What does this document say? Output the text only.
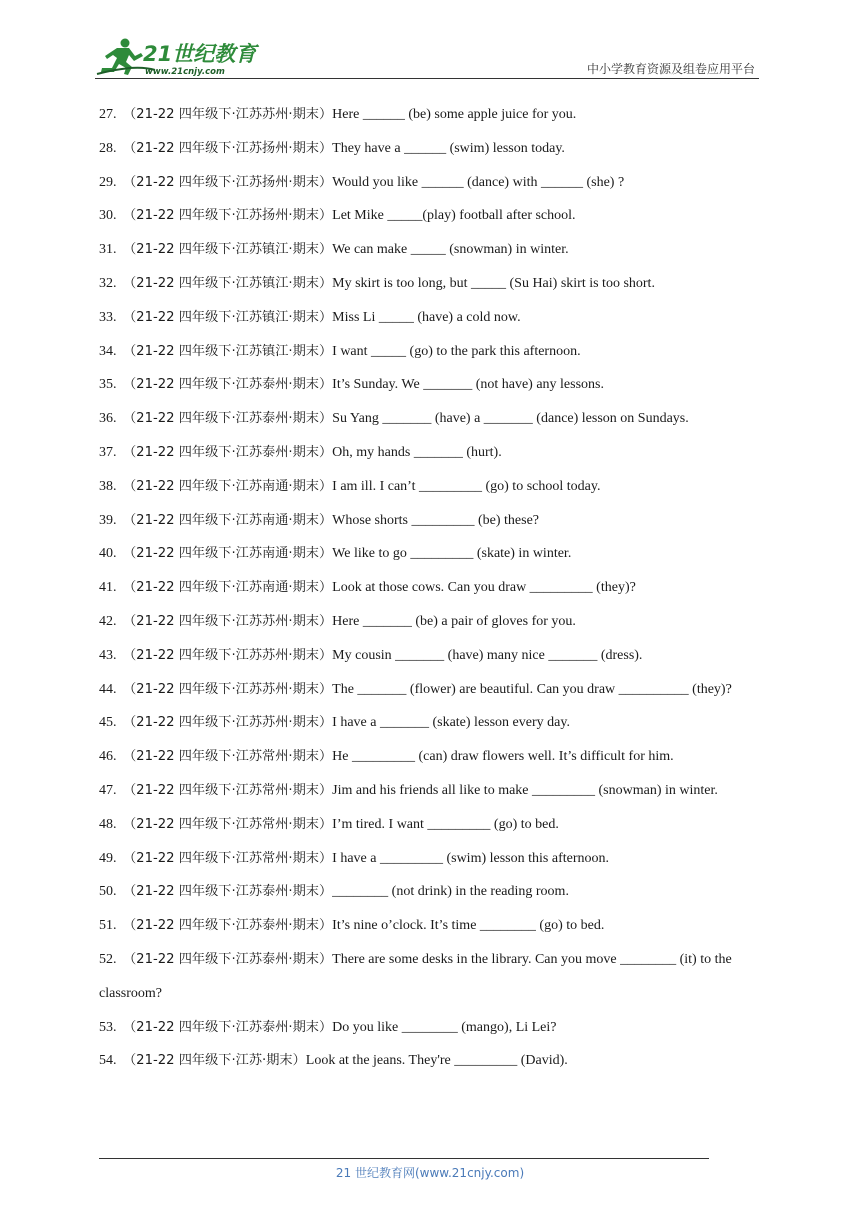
21世纪教育
www.21cnjy.com	中小学教育资源及组卷应用平台
27. （21-22 四年级下·江苏苏州·期末）Here ______ (be) some apple juice for you.
28. （21-22 四年级下·江苏扬州·期末）They have a ______ (swim) lesson today.
29. （21-22 四年级下·江苏扬州·期末）Would you like ______ (dance) with ______ (she) ?
30. （21-22 四年级下·江苏扬州·期末）Let Mike _____(play) football after school.
31. （21-22 四年级下·江苏镇江·期末）We can make _____ (snowman) in winter.
32. （21-22 四年级下·江苏镇江·期末）My skirt is too long, but _____ (Su Hai) skirt is too short.
33. （21-22 四年级下·江苏镇江·期末）Miss Li _____ (have) a cold now.
34. （21-22 四年级下·江苏镇江·期末）I want _____ (go) to the park this afternoon.
35. （21-22 四年级下·江苏泰州·期末）It’s Sunday. We _______ (not have) any lessons.
36. （21-22 四年级下·江苏泰州·期末）Su Yang _______ (have) a _______ (dance) lesson on Sundays.
37. （21-22 四年级下·江苏泰州·期末）Oh, my hands _______ (hurt).
38. （21-22 四年级下·江苏南通·期末）I am ill. I can’t _________ (go) to school today.
39. （21-22 四年级下·江苏南通·期末）Whose shorts _________ (be) these?
40. （21-22 四年级下·江苏南通·期末）We like to go _________ (skate) in winter.
41. （21-22 四年级下·江苏南通·期末）Look at those cows. Can you draw _________ (they)?
42. （21-22 四年级下·江苏苏州·期末）Here _______ (be) a pair of gloves for you.
43. （21-22 四年级下·江苏苏州·期末）My cousin _______ (have) many nice _______ (dress).
44. （21-22 四年级下·江苏苏州·期末）The _______ (flower) are beautiful. Can you draw __________ (they)?
45. （21-22 四年级下·江苏苏州·期末）I have a _______ (skate) lesson every day.
46. （21-22 四年级下·江苏常州·期末）He _________ (can) draw flowers well. It’s difficult for him.
47. （21-22 四年级下·江苏常州·期末）Jim and his friends all like to make _________ (snowman) in winter.
48. （21-22 四年级下·江苏常州·期末）I’m tired. I want _________ (go) to bed.
49. （21-22 四年级下·江苏常州·期末）I have a _________ (swim) lesson this afternoon.
50. （21-22 四年级下·江苏泰州·期末）________ (not drink) in the reading room.
51. （21-22 四年级下·江苏泰州·期末）It’s nine o’clock. It’s time ________ (go) to bed.
52. （21-22 四年级下·江苏泰州·期末）There are some desks in the library. Can you move ________ (it) to the classroom?
53. （21-22 四年级下·江苏泰州·期末）Do you like ________ (mango), Li Lei?
54. （21-22 四年级下·江苏·期末）Look at the jeans. They're _________ (David).
21 世纪教育网(www.21cnjy.com)
